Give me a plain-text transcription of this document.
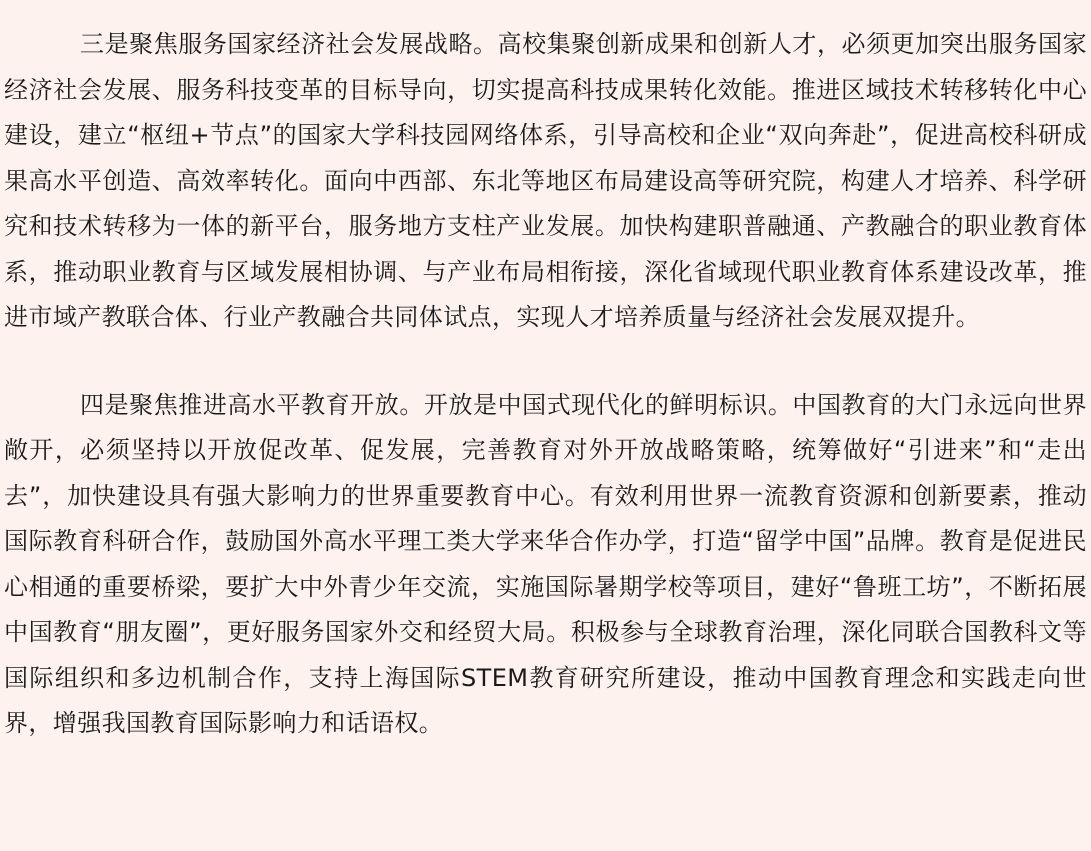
三是聚焦服务国家经济社会发展战略。高校集聚创新成果和创新人才，必须更加突出服务国家经济社会发展、服务科技变革的目标导向，切实提高科技成果转化效能。推进区域技术转移转化中心建设，建立“枢纽+节点”的国家大学科技园网络体系，引导高校和企业“双向奔赴”，促进高校科研成果高水平创造、高效率转化。面向中西部、东北等地区布局建设高等研究院，构建人才培养、科学研究和技术转移为一体的新平台，服务地方支柱产业发展。加快构建职普融通、产教融合的职业教育体系，推动职业教育与区域发展相协调、与产业布局相衔接，深化省域现代职业教育体系建设改革，推进市域产教联合体、行业产教融合共同体试点，实现人才培养质量与经济社会发展双提升。

四是聚焦推进高水平教育开放。开放是中国式现代化的鲜明标识。中国教育的大门永远向世界敞开，必须坚持以开放促改革、促发展，完善教育对外开放战略策略，统筹做好“引进来”和“走出去”，加快建设具有强大影响力的世界重要教育中心。有效利用世界一流教育资源和创新要素，推动国际教育科研合作，鼓励国外高水平理工类大学来华合作办学，打造“留学中国”品牌。教育是促进民心相通的重要桥梁，要扩大中外青少年交流，实施国际暑期学校等项目，建好“鲁班工坊”，不断拓展中国教育“朋友圈”，更好服务国家外交和经贸大局。积极参与全球教育治理，深化同联合国教科文等国际组织和多边机制合作，支持上海国际STEM教育研究所建设，推动中国教育理念和实践走向世界，增强我国教育国际影响力和话语权。
